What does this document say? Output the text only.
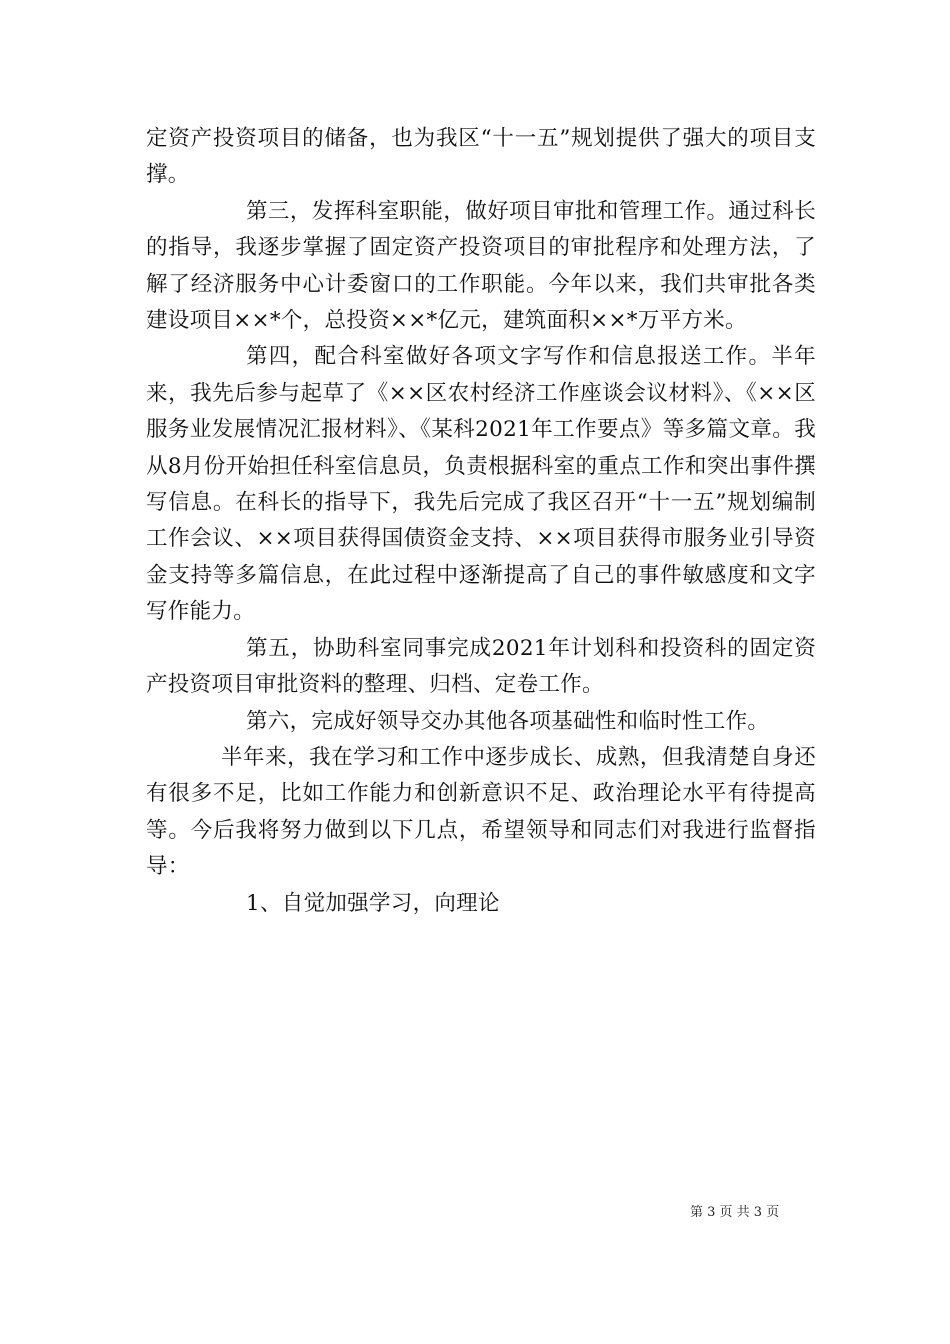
定资产投资项目的储备，也为我区“十一五”规划提供了强大的项目支撑。

第三，发挥科室职能，做好项目审批和管理工作。通过科长的指导，我逐步掌握了固定资产投资项目的审批程序和处理方法，了解了经济服务中心计委窗口的工作职能。今年以来，我们共审批各类建设项目××*个，总投资××*亿元，建筑面积××*万平方米。

第四，配合科室做好各项文字写作和信息报送工作。半年来，我先后参与起草了《××区农村经济工作座谈会议材料》、《××区服务业发展情况汇报材料》、《某科2021年工作要点》等多篇文章。我从8月份开始担任科室信息员，负责根据科室的重点工作和突出事件撰写信息。在科长的指导下，我先后完成了我区召开“十一五”规划编制工作会议、××项目获得国债资金支持、××项目获得市服务业引导资金支持等多篇信息，在此过程中逐渐提高了自己的事件敏感度和文字写作能力。

第五，协助科室同事完成2021年计划科和投资科的固定资产投资项目审批资料的整理、归档、定卷工作。

第六，完成好领导交办其他各项基础性和临时性工作。

半年来，我在学习和工作中逐步成长、成熟，但我清楚自身还有很多不足，比如工作能力和创新意识不足、政治理论水平有待提高等。今后我将努力做到以下几点，希望领导和同志们对我进行监督指导：

1、自觉加强学习，向理论

第 3 页 共 3 页
